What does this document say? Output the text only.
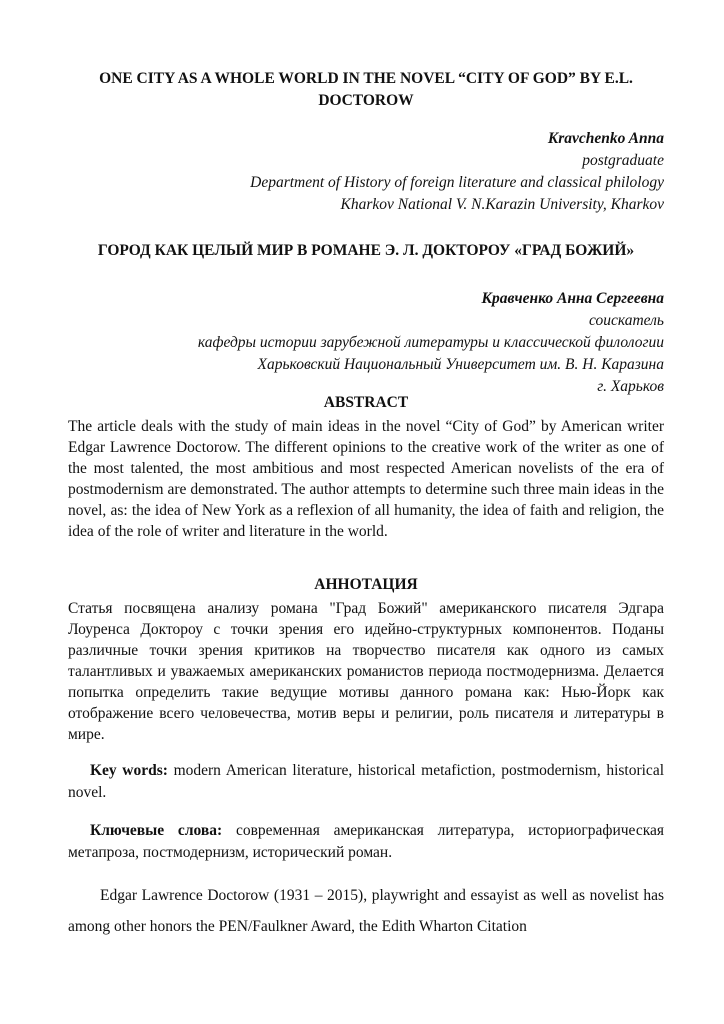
ONE CITY AS A WHOLE WORLD IN THE NOVEL “CITY OF GOD” BY E.L. DOCTOROW
Kravchenko Anna
postgraduate
Department of History of foreign literature and classical philology
Kharkov National V. N.Karazin University, Kharkov
ГОРОД КАК ЦЕЛЫЙ МИР В РОМАНЕ Э. Л. ДОКТОРОУ «ГРАД БОЖИЙ»
Кравченко Анна Сергеевна
соискатель
кафедры истории зарубежной литературы и классической филологии
Харьковский Национальный Университет им. В. Н. Каразина
г. Харьков
ABSTRACT
The article deals with the study of main ideas in the novel “City of God” by American writer Edgar Lawrence Doctorow. The different opinions to the creative work of the writer as one of the most talented, the most ambitious and most respected American novelists of the era of postmodernism are demonstrated. The author attempts to determine such three main ideas in the novel, as: the idea of New York as a reflexion of all humanity, the idea of faith and religion, the idea of the role of writer and literature in the world.
АННОТАЦИЯ
Статья посвящена анализу романа "Град Божий" американского писателя Эдгара Лоуренса Доктороу с точки зрения его идейно-структурных компонентов. Поданы различные точки зрения критиков на творчество писателя как одного из самых талантливых и уважаемых американских романистов периода постмодернизма. Делается попытка определить такие ведущие мотивы данного романа как: Нью-Йорк как отображение всего человечества, мотив веры и религии, роль писателя и литературы в мире.
Key words: modern American literature, historical metafiction, postmodernism, historical novel.
Ключевые слова: современная американская литература, историографическая метапроза, постмодернизм, исторический роман.
Edgar Lawrence Doctorow (1931 – 2015), playwright and essayist as well as novelist has among other honors the PEN/Faulkner Award, the Edith Wharton Citation
